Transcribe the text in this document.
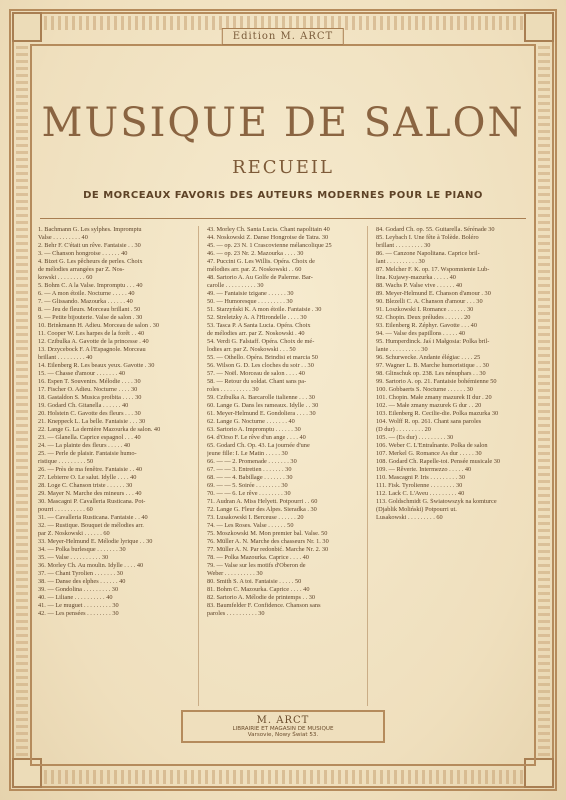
Edition M. ARCT
MUSIQUE DE SALON
RECUEIL
DE MORCEAUX FAVORIS DES AUTEURS MODERNES POUR LE PIANO
1. Bachmann G. Les sylphes. Impromptu
Valse . . . . . . . . . 40
2. Behr F. C'était un rêve. Fantaisie . . 30
3. — Chanson hongroise . . . . . . 40
4. Bizet G. Les pêcheurs de perles. Choix
de mélodies arrangées par Z. Nos-
kowski . . . . . . . . . 60
5. Bohm C. A la Valse. Impromptu . . . 40
6. — A mon étoile. Nocturne . . . . . 40
7. — Glissando. Mazourka . . . . . . 40
8. — Jeu de fleurs. Morceau brillant . 50
9. — Petite bijouterie. Valse de salon . 30
10. Brinkmann H. Adieu. Morceau de salon . 30
11. Cooper W. Les harpes de la forêt . . 40
12. Czibulka A. Gavotte de la princesse . 40
13. Drzycebock F. A l'Espagnole. Morceau
brillant . . . . . . . . . 40
14. Eilenberg R. Les beaux yeux. Gavotte . 30
15. — Chasse d'amour . . . . . . . 40
16. Espen T. Souvenirs. Mélodie . . . . 30
17. Fischer O. Adieu. Nocturne . . . . 30
18. Gastaldon S. Musica proibita . . . . 30
19. Godard Ch. Gitanella . . . . . . 40
20. Holstein C. Gavotte des fleurs . . . 30
21. Kneppeck L. La belle. Fantaisie . . . 30
22. Lange G. La dernière Mazourka de salon. 40
23. — Glanella. Caprice espagnol . . . 40
24. — La plainte des fleurs . . . . . 40
25. — Perle de plaisir. Fantaisie humo-
ristique . . . . . . . . . 50
26. — Près de ma fenêtre. Fantaisie . . 40
27. Lebierre O. Le salut. Idylle . . . . 40
28. Loge C. Chanson triste . . . . . . 30
29. Mayer N. Marche des mineurs . . . 40
30. Mascagni P. Cavalleria Rusticana. Pot-
pourri . . . . . . . . . . 60
31. — Cavalleria Rusticana. Fantaisie . . 40
32. — Rustique. Bouquet de mélodies arr.
par Z. Noskowski . . . . . . 60
33. Meyer-Helmund E. Mélodie lyrique . . 30
34. — Polka burlesque . . . . . . . 30
35. — Valse . . . . . . . . . . 30
36. Morley Ch. Au moulin. Idylle . . . . 40
37. — Chant Tyrolien . . . . . . . 30
38. — Danse des elphes . . . . . . 40
39. — Gondolina . . . . . . . . . 30
40. — Liliane . . . . . . . . . . 40
41. — Le muguet . . . . . . . . . 30
42. — Les pensées . . . . . . . . 30
43. Morley Ch. Santa Lucia. Chant napolitain 40
44. Noskowski Z. Danse Hongroise de Tatra. 30
45. — op. 23 N. 1 Crascovienne mélancolique 25
46. — op. 23 Nr. 2. Mazourka . . . . 30
47. Puccini G. Les Willis. Opéra. Choix de
mélodies arr. par. Z. Noskowski . . 60
48. Sartorio A. Au Golfe de Palerme. Bar-
carolle . . . . . . . . . . 30
49. — Fantaisie tzigane . . . . . . 30
50. — Humoresque . . . . . . . . . 30
51. Starzyński K. A mon étoile. Fantaisie . 30
52. Streletzky A. A l'Hirondelle . . . . 30
53. Tasca P. A Santa Lucia. Opéra. Choix
de mélodies arr. par Z. Noskowski . 40
54. Verdi G. Falstaff. Opéra. Choix de mé-
lodies arr. par Z. Noskowski . . . 50
55. — Othello. Opéra. Brindisi et marcia 50
56. Wilson G. D. Les cloches du soir . . 30
57. — Noël. Morceau de salon . . . . 40
58. — Retour du soldat. Chant sans pa-
roles . . . . . . . . . . 30
59. Czibulka A. Barcarolle italienne . . . 30
60. Lange G. Dans les rameaux. Idylle . . 30
61. Meyer-Helmund E. Gondoliera . . . . 30
62. Lange G. Nocturne . . . . . . . 40
63. Sartorio A. Impromptu . . . . . . 30
64. d'Orso F. Le rêve d'un ange . . . . 40
65. Godard Ch. Op. 43. La journée d'une
jeune fille: I. Le Matin . . . . . 30
66. — — 2. Promenade . . . . . . . 30
67. — — 3. Entretien . . . . . . . 30
68. — — 4. Babillage . . . . . . . 30
69. — — 5. Soirée . . . . . . . . 30
70. — — 6. Le rêve . . . . . . . . 30
71. Audran A. Miss Helyett. Potpourri . . 60
72. Lange G. Fleur des Alpes. Sieradka . 30
73. Lusakowski I. Berceuse . . . . . . 20
74. — Les Roses. Valse . . . . . . 50
75. Moszkowski M. Mon premier bal. Valse. 50
76. Müller A. N. Marche des chasseurs Nr. 1. 30
77. Müller A. N. Par redonbić. Marche Nr. 2. 30
78. — Polka Mazourka. Caprice . . . . 40
79. — Valse sur les motifs d'Oberon de
Weber . . . . . . . . . . 30
80. Smith S. A toi. Fantaisie . . . . . 50
81. Bohm C. Mazourka. Caprice . . . . 40
82. Sartorio A. Mélodie de printemps . . 30
83. Baumfelder F. Confidence. Chanson sans
paroles . . . . . . . . . . 30
84. Godard Ch. op. 55. Guitarella. Sérénade 30
85. Leybach I. Une fête à Tolède. Boléro
brillant . . . . . . . . . 30
86. — Canzone Napolitana. Caprice bril-
lant . . . . . . . . . . 30
87. Melcher F. K. op. 17. Wspomnienie Lub-
lina. Kujawy-mazurka . . . . . 40
88. Wachs P. Valse vive . . . . . . 40
89. Meyer-Helmund E. Chanson d'amour . 30
90. Blezelli C. A. Chanson d'amour . . . 30
91. Loszkowski I. Romance . . . . . . 30
92. Chopin. Deux préludes . . . . . . 20
93. Eilenberg R. Zéphyr. Gavotte . . . 40
94. — Valse des papillons . . . . . 40
95. Humperdinck. Jaś i Małgosia: Polka bril-
lante . . . . . . . . . . 30
96. Schurwecke. Andante élégiac . . . . 25
97. Wagner L. B. Marche humoristique . . 30
98. Glinschuk op. 238. Les nénuphars . . 30
99. Sartorio A. op. 21. Fantaisie bohémienne 50
100. Gobbaerts S. Nocturne . . . . . . 30
101. Chopin. Małe zmany mazurek II dur . 20
102. — Małe zmany mazurek G dur . . 20
103. Eilenberg R. Cecilie-die. Polka mazurka 30
104. Wolff R. op. 261. Chant sans paroles
(D dur) . . . . . . . . . 20
105. — (Es dur) . . . . . . . . . 30
106. Weber C. L'Entraînante. Polka de salon
107. Merkel G. Romance As dur . . . . . 30
108. Godard Ch. Rapelle-toi. Pensée musicale 30
109. — Rêverie. Intermezzo . . . . . 40
110. Mascagni P. Iris . . . . . . . . . 30
111. Fisk. Tyrolienne . . . . . . . . 30
112. Lack C. L'Aveu . . . . . . . . . 40
113. Goldschmidt G. Światowszyk na komturce
(Djablik Moliński) Potpourri ut.
Lusakowski . . . . . . . . . 60
M. ARCT
LIBRAIRIE ET MAGASIN DE MUSIQUE
Varsovie, Nowy Świat 53.
